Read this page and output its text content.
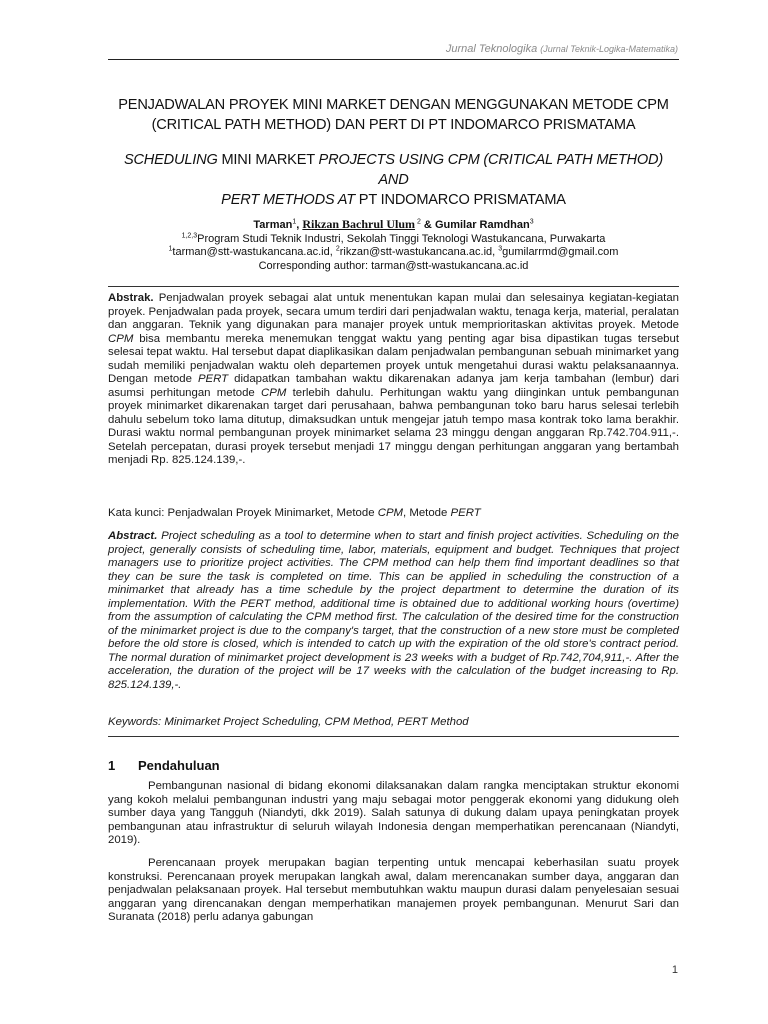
Jurnal Teknologika (Jurnal Teknik-Logika-Matematika)
PENJADWALAN PROYEK MINI MARKET DENGAN MENGGUNAKAN METODE CPM
(CRITICAL PATH METHOD) DAN PERT DI PT INDOMARCO PRISMATAMA
SCHEDULING MINI MARKET PROJECTS USING CPM (CRITICAL PATH METHOD) AND
PERT METHODS AT PT INDOMARCO PRISMATAMA
Tarman$^1$, Rikzan Bachrul Ulum $^2$ & Gumilar Ramdhan$^3$
$^{1,2,3}$Program Studi Teknik Industri, Sekolah Tinggi Teknologi Wastukancana, Purwakarta
$^1$tarman@stt-wastukancana.ac.id, $^2$rikzan@stt-wastukancana.ac.id, $^3$gumilarrmd@gmail.com
Corresponding author: tarman@stt-wastukancana.ac.id
Abstrak. Penjadwalan proyek sebagai alat untuk menentukan kapan mulai dan selesainya kegiatan-kegiatan proyek. Penjadwalan pada proyek, secara umum terdiri dari penjadwalan waktu, tenaga kerja, material, peralatan dan anggaran. Teknik yang digunakan para manajer proyek untuk memprioritaskan aktivitas proyek. Metode CPM bisa membantu mereka menemukan tenggat waktu yang penting agar bisa dipastikan tugas tersebut selesai tepat waktu. Hal tersebut dapat diaplikasikan dalam penjadwalan pembangunan sebuah minimarket yang sudah memiliki penjadwalan waktu oleh departemen proyek untuk mengetahui durasi waktu pelaksanaannya. Dengan metode PERT didapatkan tambahan waktu dikarenakan adanya jam kerja tambahan (lembur) dari asumsi perhitungan metode CPM terlebih dahulu. Perhitungan waktu yang diinginkan untuk pembangunan proyek minimarket dikarenakan target dari perusahaan, bahwa pembangunan toko baru harus selesai terlebih dahulu sebelum toko lama ditutup, dimaksudkan untuk mengejar jatuh tempo masa kontrak toko lama berakhir. Durasi waktu normal pembangunan proyek minimarket selama 23 minggu dengan anggaran Rp.742.704.911,-. Setelah percepatan, durasi proyek tersebut menjadi 17 minggu dengan perhitungan anggaran yang bertambah menjadi Rp. 825.124.139,-.
Kata kunci: Penjadwalan Proyek Minimarket, Metode CPM, Metode PERT
Abstract. Project scheduling as a tool to determine when to start and finish project activities. Scheduling on the project, generally consists of scheduling time, labor, materials, equipment and budget. Techniques that project managers use to prioritize project activities. The CPM method can help them find important deadlines so that they can be sure the task is completed on time. This can be applied in scheduling the construction of a minimarket that already has a time schedule by the project department to determine the duration of its implementation. With the PERT method, additional time is obtained due to additional working hours (overtime) from the assumption of calculating the CPM method first. The calculation of the desired time for the construction of the minimarket project is due to the company's target, that the construction of a new store must be completed before the old store is closed, which is intended to catch up with the expiration of the old store's contract period. The normal duration of minimarket project development is 23 weeks with a budget of Rp.742,704,911,-. After the acceleration, the duration of the project will be 17 weeks with the calculation of the budget increasing to Rp. 825.124.139,-.
Keywords: Minimarket Project Scheduling, CPM Method, PERT Method
1 Pendahuluan
Pembangunan nasional di bidang ekonomi dilaksanakan dalam rangka menciptakan struktur ekonomi yang kokoh melalui pembangunan industri yang maju sebagai motor penggerak ekonomi yang didukung oleh sumber daya yang Tangguh (Niandyti, dkk 2019). Salah satunya di dukung dalam upaya peningkatan proyek pembangunan atau infrastruktur di seluruh wilayah Indonesia dengan memperhatikan perencanaan (Niandyti, 2019).
Perencanaan proyek merupakan bagian terpenting untuk mencapai keberhasilan suatu proyek konstruksi. Perencanaan proyek merupakan langkah awal, dalam merencanakan sumber daya, anggaran dan penjadwalan pelaksanaan proyek. Hal tersebut membutuhkan waktu maupun durasi dalam penyelesaian sesuai anggaran yang direncanakan dengan memperhatikan manajemen proyek pembangunan. Menurut Sari dan Suranata (2018) perlu adanya gabungan
1
